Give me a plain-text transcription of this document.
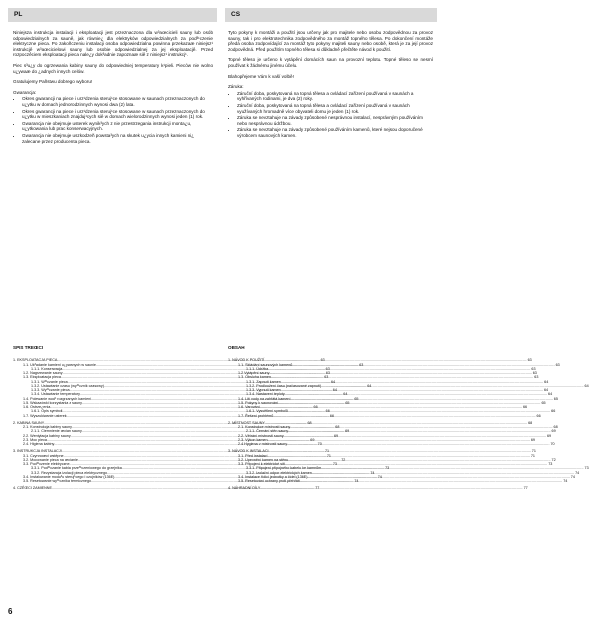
PL	CS

Niniejsza instrukcja instalacji i eksploatacji jest przeznaczona dla w³aœcicieli sauny lub osób odpowiedzialnych za saunê, jak równie¿ dla elektryków odpowiedzialnych za pod³¹czenie elektryczne pieca. Po zakoñczeniu instalacji osoba odpowiedzialna powinna przekazaæ niniejsz¹ instrukcjê w³aœcicielowi sauny lub osobie odpowiedzialnej za jej eksploatacjê. Przed rozpoczêciem eksploatacji pieca nale¿y dok³adnie zapoznaæ siê z niniejsz¹ instrukcj¹.

Piec s³u¿y do ogrzewania kabiny sauny do odpowiedniej temperatury k¹pieli. Pieców nie wolno u¿ywaæ do ¿adnych innych celów.

Gratulujemy Pañstwu dobrego wyboru!

Gwarancja:

• Okres gwarancji na piece i urz¹dzenia steruj¹ce stosowane w saunach przeznaczonych do u¿ytku w domach jednorodzinnych wynosi dwa (2) lata.
• Okres gwarancji na piece i urz¹dzenia steruj¹ce stosowane w saunach przeznaczonych do u¿ytku w mieszkaniach znajduj¹cych siê w domach wielorodzinnych wynosi jeden (1) rok.
• Gwarancja nie obejmuje usterek wynik³ych z nie przestrzegania instrukcji monta¿u, u¿ytkowania lub prac konserwacyjnych.
• Gwarancja nie obejmuje uszkodzeñ powsta³ych na skutek u¿ycia innych kamieni ni¿ zalecane przez producenta pieca.

Tyto pokyny k montáži a použití jsou určeny jak pro majitele nebo osobu zodpovědnou za provoz sauny, tak i pro elektrotechnika zodpovědného za montáž topného tělesa. Po dokončení montáže předá osoba zodpovídající za montáž tyto pokyny majiteli sauny nebo osobě, která je za její provoz zodpovědná. Před použitím topného tělesa si důkladně přečtěte návod k použití.

Topné těleso je určeno k vytápění domácích saun na provozní teplotu. Topné těleso se nesmí používat k žádnému jinému účelu.

Blahopřejeme Vám k vaší volbě!

Záruka:

• Záruční doba, poskytovaná na topná tělesa a ovládací zařízení používaná v saunách a vyhřívaných rodinami, je dva (2) roky.
• Záruční doba, poskytovaná na topná tělesa a ovládací zařízení používaná v saunách využívaných hromadně více obyvateli domu je jeden (1) rok.
• Záruka se nevztahuje na závady způsobené nesprávnou instalací, nesprávným používáním nebo nesprávnou údržbou.
• Záruka se nevztahuje na závady způsobené používáním kamenů, které nejsou doporučené výrobcem saunových kamen.
SPIS TREŒCI
1. EKSPLOATACJA PIECA .....	63
1.1. Uk³adanie kamieni u¿ywanych w saunie .....	63
1.1.1. Konserwacja .....	63
1.2. Nagrzewanie sauny .....	63
1.3. Eksploatacja pieca .....	63
1.3.1. W³¹czanie pieca .....	64
1.3.2. Ustawianie czasu (wy³¹cznik czasowy) .....	64
1.3.3. Wy³¹czanie pieca .....	64
1.3.4. Ustawianie temperatury .....	64
1.4. Polewanie wod¹ rozgrzanych kamieni .....	65
1.5. Wskazówki korzystania z sauny .....	65
1.6. Ostrze¿enia .....	66
1.6.1. Opis symboli .....	66
1.7. Wyszukiwanie usterek .....	66
2. KABINA SAUNY .....	68
2.1. Konstrukcja kabiny sauny .....	68
2.1.1. Ciemnienie œcian sauny .....	69
2.2. Wentylacja kabiny sauny .....	69
2.3. Moc pieca .....	69
2.4. Higiena kabiny .....	70
3. INSTRUKCJA INSTALACJI .....	71
3.1. Czynnoœci wstêpne .....	71
3.2. Mocowanie pieca na œcianie .....	72
3.3. Pod³¹czenie elektryczne .....	73
3.3.1. Pod³¹czanie kabla prze³¹czeniowego do grzejnika .....	73
3.3.2. Rezystancja izolacji pieca elektrycznego .....	74
3.4. Instalowanie modu³u steruj¹cego i czujników (136E) .....	74
3.5. Resetowanie wy³¹cznika termicznego .....	74
4. CZÊŒCI ZAMIENNE .....	77
OBSAH
1. NÁVOD K POUŽITÍ .....	63
1.1. Skládání saunových kamenů .....	63
1.1.1. Údržba .....	63
1.2 Vytápění sauny .....	63
1.3. Obsluha kamen .....	63
1.3.1. Zapnutí kamen .....	64
1.3.2. Prodloužení času (načasované zapnutí) .....	64
1.3.3. Vypnutí kamen .....	64
1.3.4. Nastavení teploty .....	64
1.4. Lití vody na zahřátá kamení .....	65
1.5. Pokyny k saunování .....	65
1.6. Varování .....	66
1.6.1. Vysvětlení symbolů .....	66
1.7. Řešení problémů .....	66
2. MÍSTNOST SAUNY .....	68
2.1. Konstrukce místnosti sauny .....	68
2.1.1. Černání stěn sauny .....	69
2.2. Větrání místnosti sauny .....	69
2.3. Výkon kamen .....	69
2.4 Hygiena v místnosti sauny .....	70
3. NÁVOD K INSTALACI .....	71
3.1. Před instalací .....	71
3.2. Upevnění kamen na stěnu .....	72
3.3. Připojení k elektrické síti .....	73
3.3.1. Připojení přípojného kabelu ke kamnům .....	73
3.3.2. Izolační odpor elektrických kamen .....	74
3.4. Instalace řídicí jednotky a čidel (136E) .....	74
3.5. Resetování ochrany proti přehřátí .....	74
4. NÁHRADNÍ DÍLY .....	77
6
